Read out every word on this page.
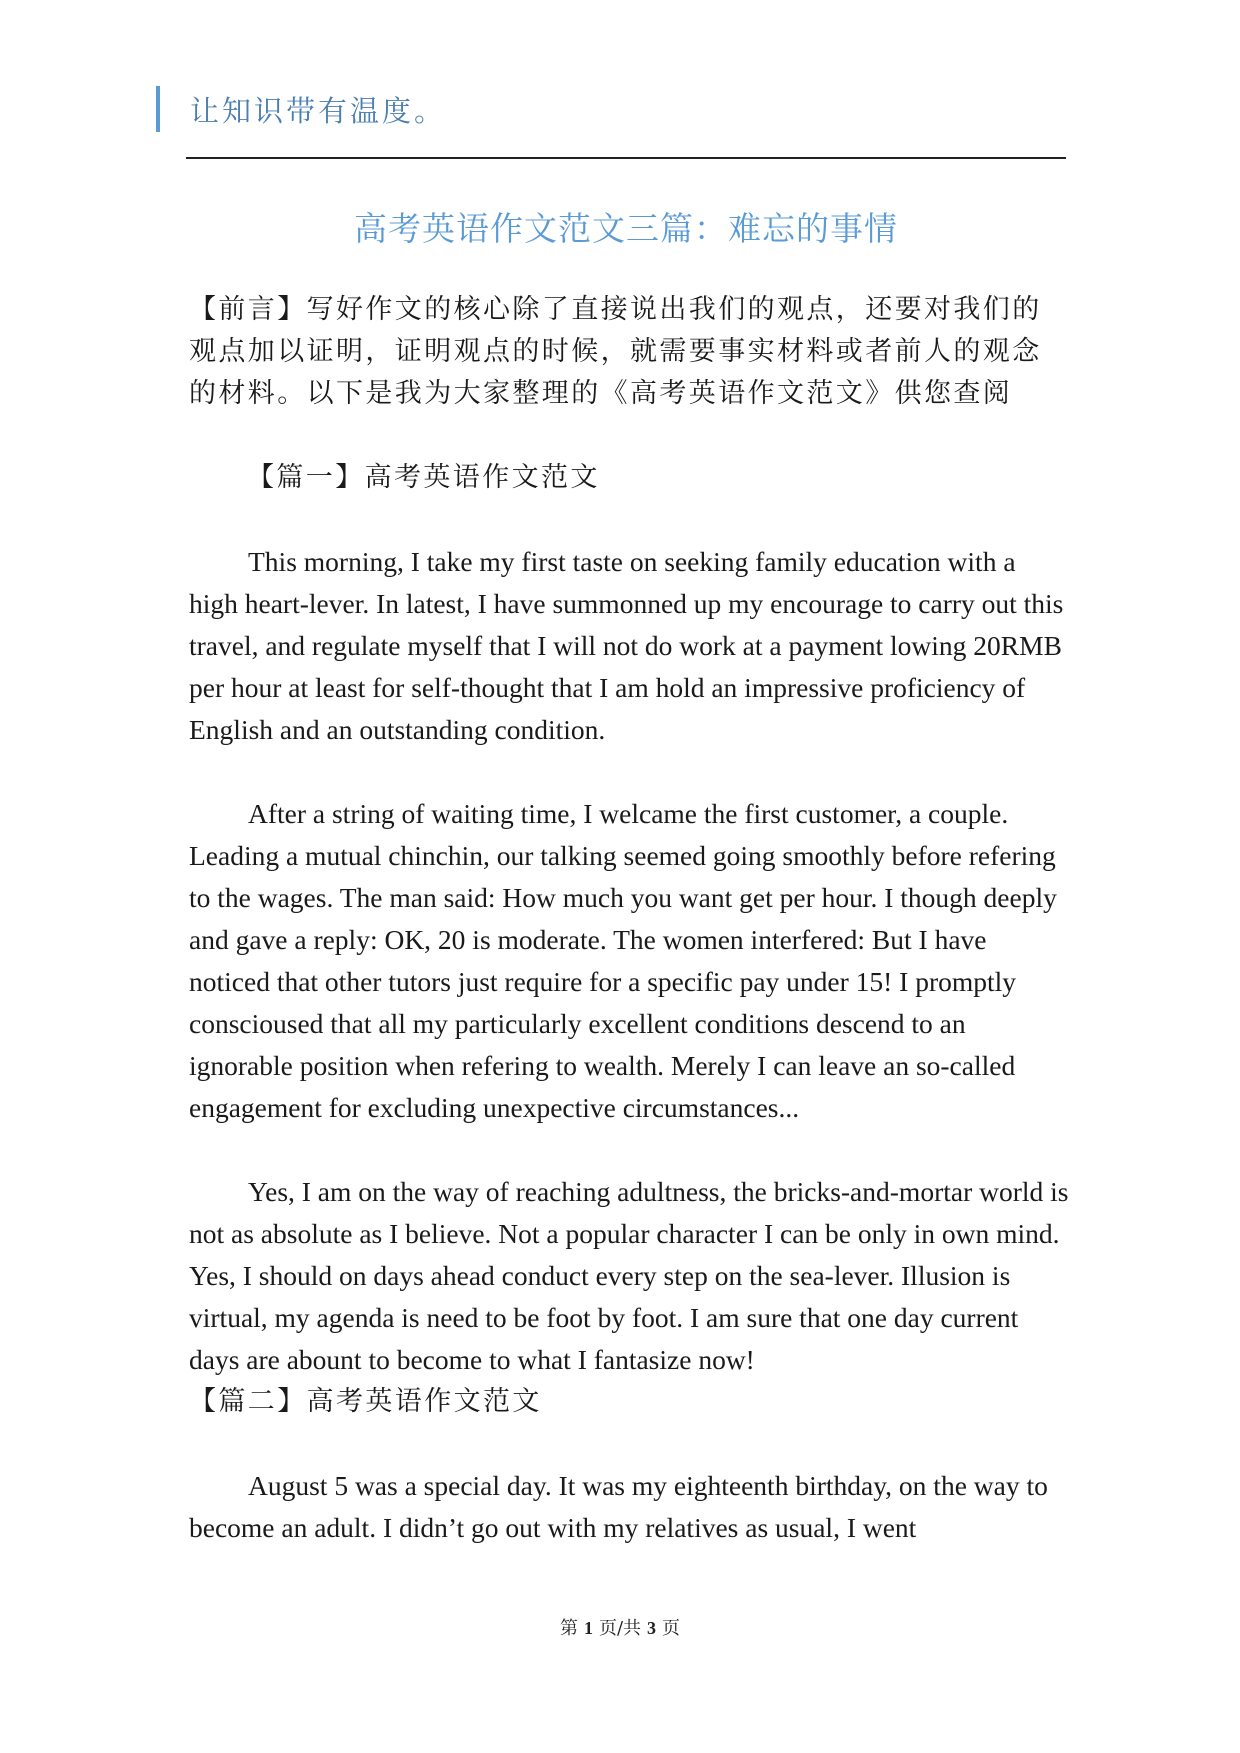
让知识带有温度。
高考英语作文范文三篇：难忘的事情

【前言】写好作文的核心除了直接说出我们的观点，还要对我们的观点加以证明，证明观点的时候，就需要事实材料或者前人的观念的材料。以下是我为大家整理的《高考英语作文范文》供您查阅

【篇一】高考英语作文范文

This morning, I take my first taste on seeking family education with a high heart-lever. In latest, I have summonned up my encourage to carry out this travel, and regulate myself that I will not do work at a payment lowing 20RMB per hour at least for self-thought that I am hold an impressive proficiency of English and an outstanding condition.

After a string of waiting time, I welcame the first customer, a couple. Leading a mutual chinchin, our talking seemed going smoothly before refering to the wages. The man said: How much you want get per hour. I though deeply and gave a reply: OK, 20 is moderate. The women interfered: But I have noticed that other tutors just require for a specific pay under 15! I promptly conscioused that all my particularly excellent conditions descend to an ignorable position when refering to wealth. Merely I can leave an so-called engagement for excluding unexpective circumstances...

Yes, I am on the way of reaching adultness, the bricks-and-mortar world is not as absolute as I believe. Not a popular character I can be only in own mind. Yes, I should on days ahead conduct every step on the sea-lever. Illusion is virtual, my agenda is need to be foot by foot. I am sure that one day current days are abount to become to what I fantasize now!

【篇二】高考英语作文范文

August 5 was a special day. It was my eighteenth birthday, on the way to become an adult. I didn’t go out with my relatives as usual, I went

第 1 页/共 3 页
